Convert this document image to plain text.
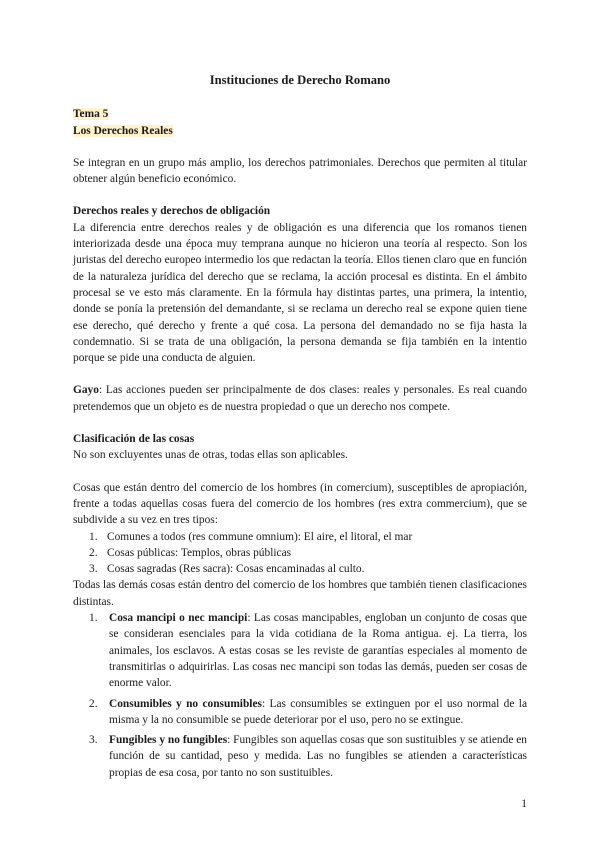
Instituciones de Derecho Romano
Tema 5
Los Derechos Reales

Se integran en un grupo más amplio, los derechos patrimoniales. Derechos que permiten al titular obtener algún beneficio económico.

Derechos reales y derechos de obligación

La diferencia entre derechos reales y de obligación es una diferencia que los romanos tienen interiorizada desde una época muy temprana aunque no hicieron una teoría al respecto. Son los juristas del derecho europeo intermedio los que redactan la teoría. Ellos tienen claro que en función de la naturaleza jurídica del derecho que se reclama, la acción procesal es distinta. En el ámbito procesal se ve esto más claramente. En la fórmula hay distintas partes, una primera, la intentio, donde se ponía la pretensión del demandante, si se reclama un derecho real se expone quien tiene ese derecho, qué derecho y frente a qué cosa. La persona del demandado no se fija hasta la condemnatio. Si se trata de una obligación, la persona demanda se fija también en la intentio porque se pide una conducta de alguien.

Gayo: Las acciones pueden ser principalmente de dos clases: reales y personales. Es real cuando pretendemos que un objeto es de nuestra propiedad o que un derecho nos compete.

Clasificación de las cosas

No son excluyentes unas de otras, todas ellas son aplicables.

Cosas que están dentro del comercio de los hombres (in comercium), susceptibles de apropiación, frente a todas aquellas cosas fuera del comercio de los hombres (res extra commercium), que se subdivide a su vez en tres tipos:

1. Comunes a todos (res commune omnium): El aire, el litoral, el mar
2. Cosas públicas: Templos, obras públicas
3. Cosas sagradas (Res sacra): Cosas encaminadas al culto.

Todas las demás cosas están dentro del comercio de los hombres que también tienen clasificaciones distintas.

1. Cosa mancipi o nec mancipi: Las cosas mancipables, engloban un conjunto de cosas que se consideran esenciales para la vida cotidiana de la Roma antigua. ej. La tierra, los animales, los esclavos. A estas cosas se les reviste de garantías especiales al momento de transmitirlas o adquirirlas. Las cosas nec mancipi son todas las demás, pueden ser cosas de enorme valor.
2. Consumibles y no consumibles: Las consumibles se extinguen por el uso normal de la misma y la no consumible se puede deteriorar por el uso, pero no se extingue.
3. Fungibles y no fungibles: Fungibles son aquellas cosas que son sustituibles y se atiende en función de su cantidad, peso y medida. Las no fungibles se atienden a características propias de esa cosa, por tanto no son sustituibles.
1
